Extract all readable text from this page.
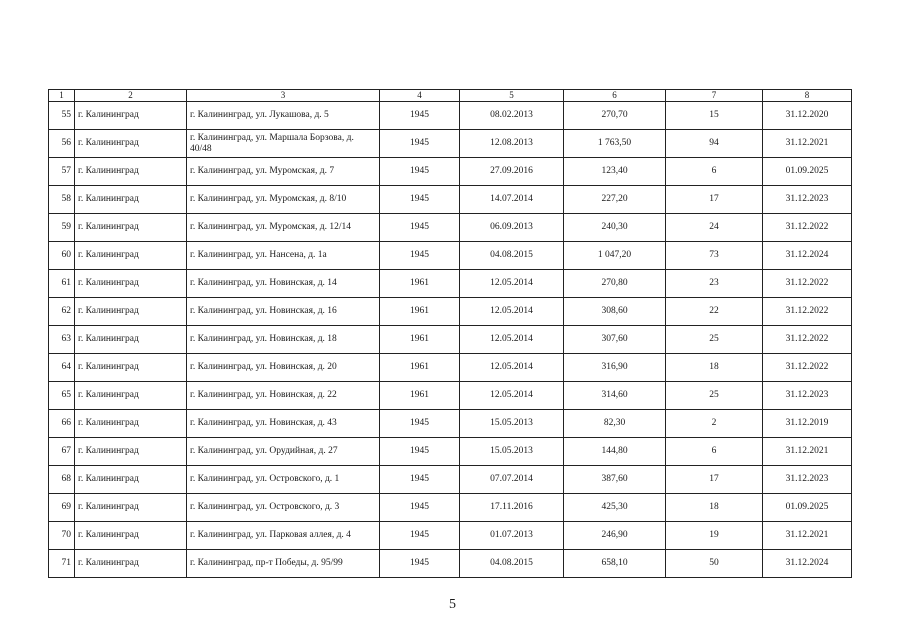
1	2	3	4	5	6	7	8
55	г. Калининград	г. Калининград, ул. Лукашова, д. 5	1945	08.02.2013	270,70	15	31.12.2020
56	г. Калининград	г. Калининград, ул. Маршала Борзова, д. 40/48	1945	12.08.2013	1 763,50	94	31.12.2021
57	г. Калининград	г. Калининград, ул. Муромская, д. 7	1945	27.09.2016	123,40	6	01.09.2025
58	г. Калининград	г. Калининград, ул. Муромская, д. 8/10	1945	14.07.2014	227,20	17	31.12.2023
59	г. Калининград	г. Калининград, ул. Муромская, д. 12/14	1945	06.09.2013	240,30	24	31.12.2022
60	г. Калининград	г. Калининград, ул. Нансена, д. 1а	1945	04.08.2015	1 047,20	73	31.12.2024
61	г. Калининград	г. Калининград, ул. Новинская, д. 14	1961	12.05.2014	270,80	23	31.12.2022
62	г. Калининград	г. Калининград, ул. Новинская, д. 16	1961	12.05.2014	308,60	22	31.12.2022
63	г. Калининград	г. Калининград, ул. Новинская, д. 18	1961	12.05.2014	307,60	25	31.12.2022
64	г. Калининград	г. Калининград, ул. Новинская, д. 20	1961	12.05.2014	316,90	18	31.12.2022
65	г. Калининград	г. Калининград, ул. Новинская, д. 22	1961	12.05.2014	314,60	25	31.12.2023
66	г. Калининград	г. Калининград, ул. Новинская, д. 43	1945	15.05.2013	82,30	2	31.12.2019
67	г. Калининград	г. Калининград, ул. Орудийная, д. 27	1945	15.05.2013	144,80	6	31.12.2021
68	г. Калининград	г. Калининград, ул. Островского, д. 1	1945	07.07.2014	387,60	17	31.12.2023
69	г. Калининград	г. Калининград, ул. Островского, д. 3	1945	17.11.2016	425,30	18	01.09.2025
70	г. Калининград	г. Калининград, ул. Парковая аллея, д. 4	1945	01.07.2013	246,90	19	31.12.2021
71	г. Калининград	г. Калининград, пр-т Победы, д. 95/99	1945	04.08.2015	658,10	50	31.12.2024
5
